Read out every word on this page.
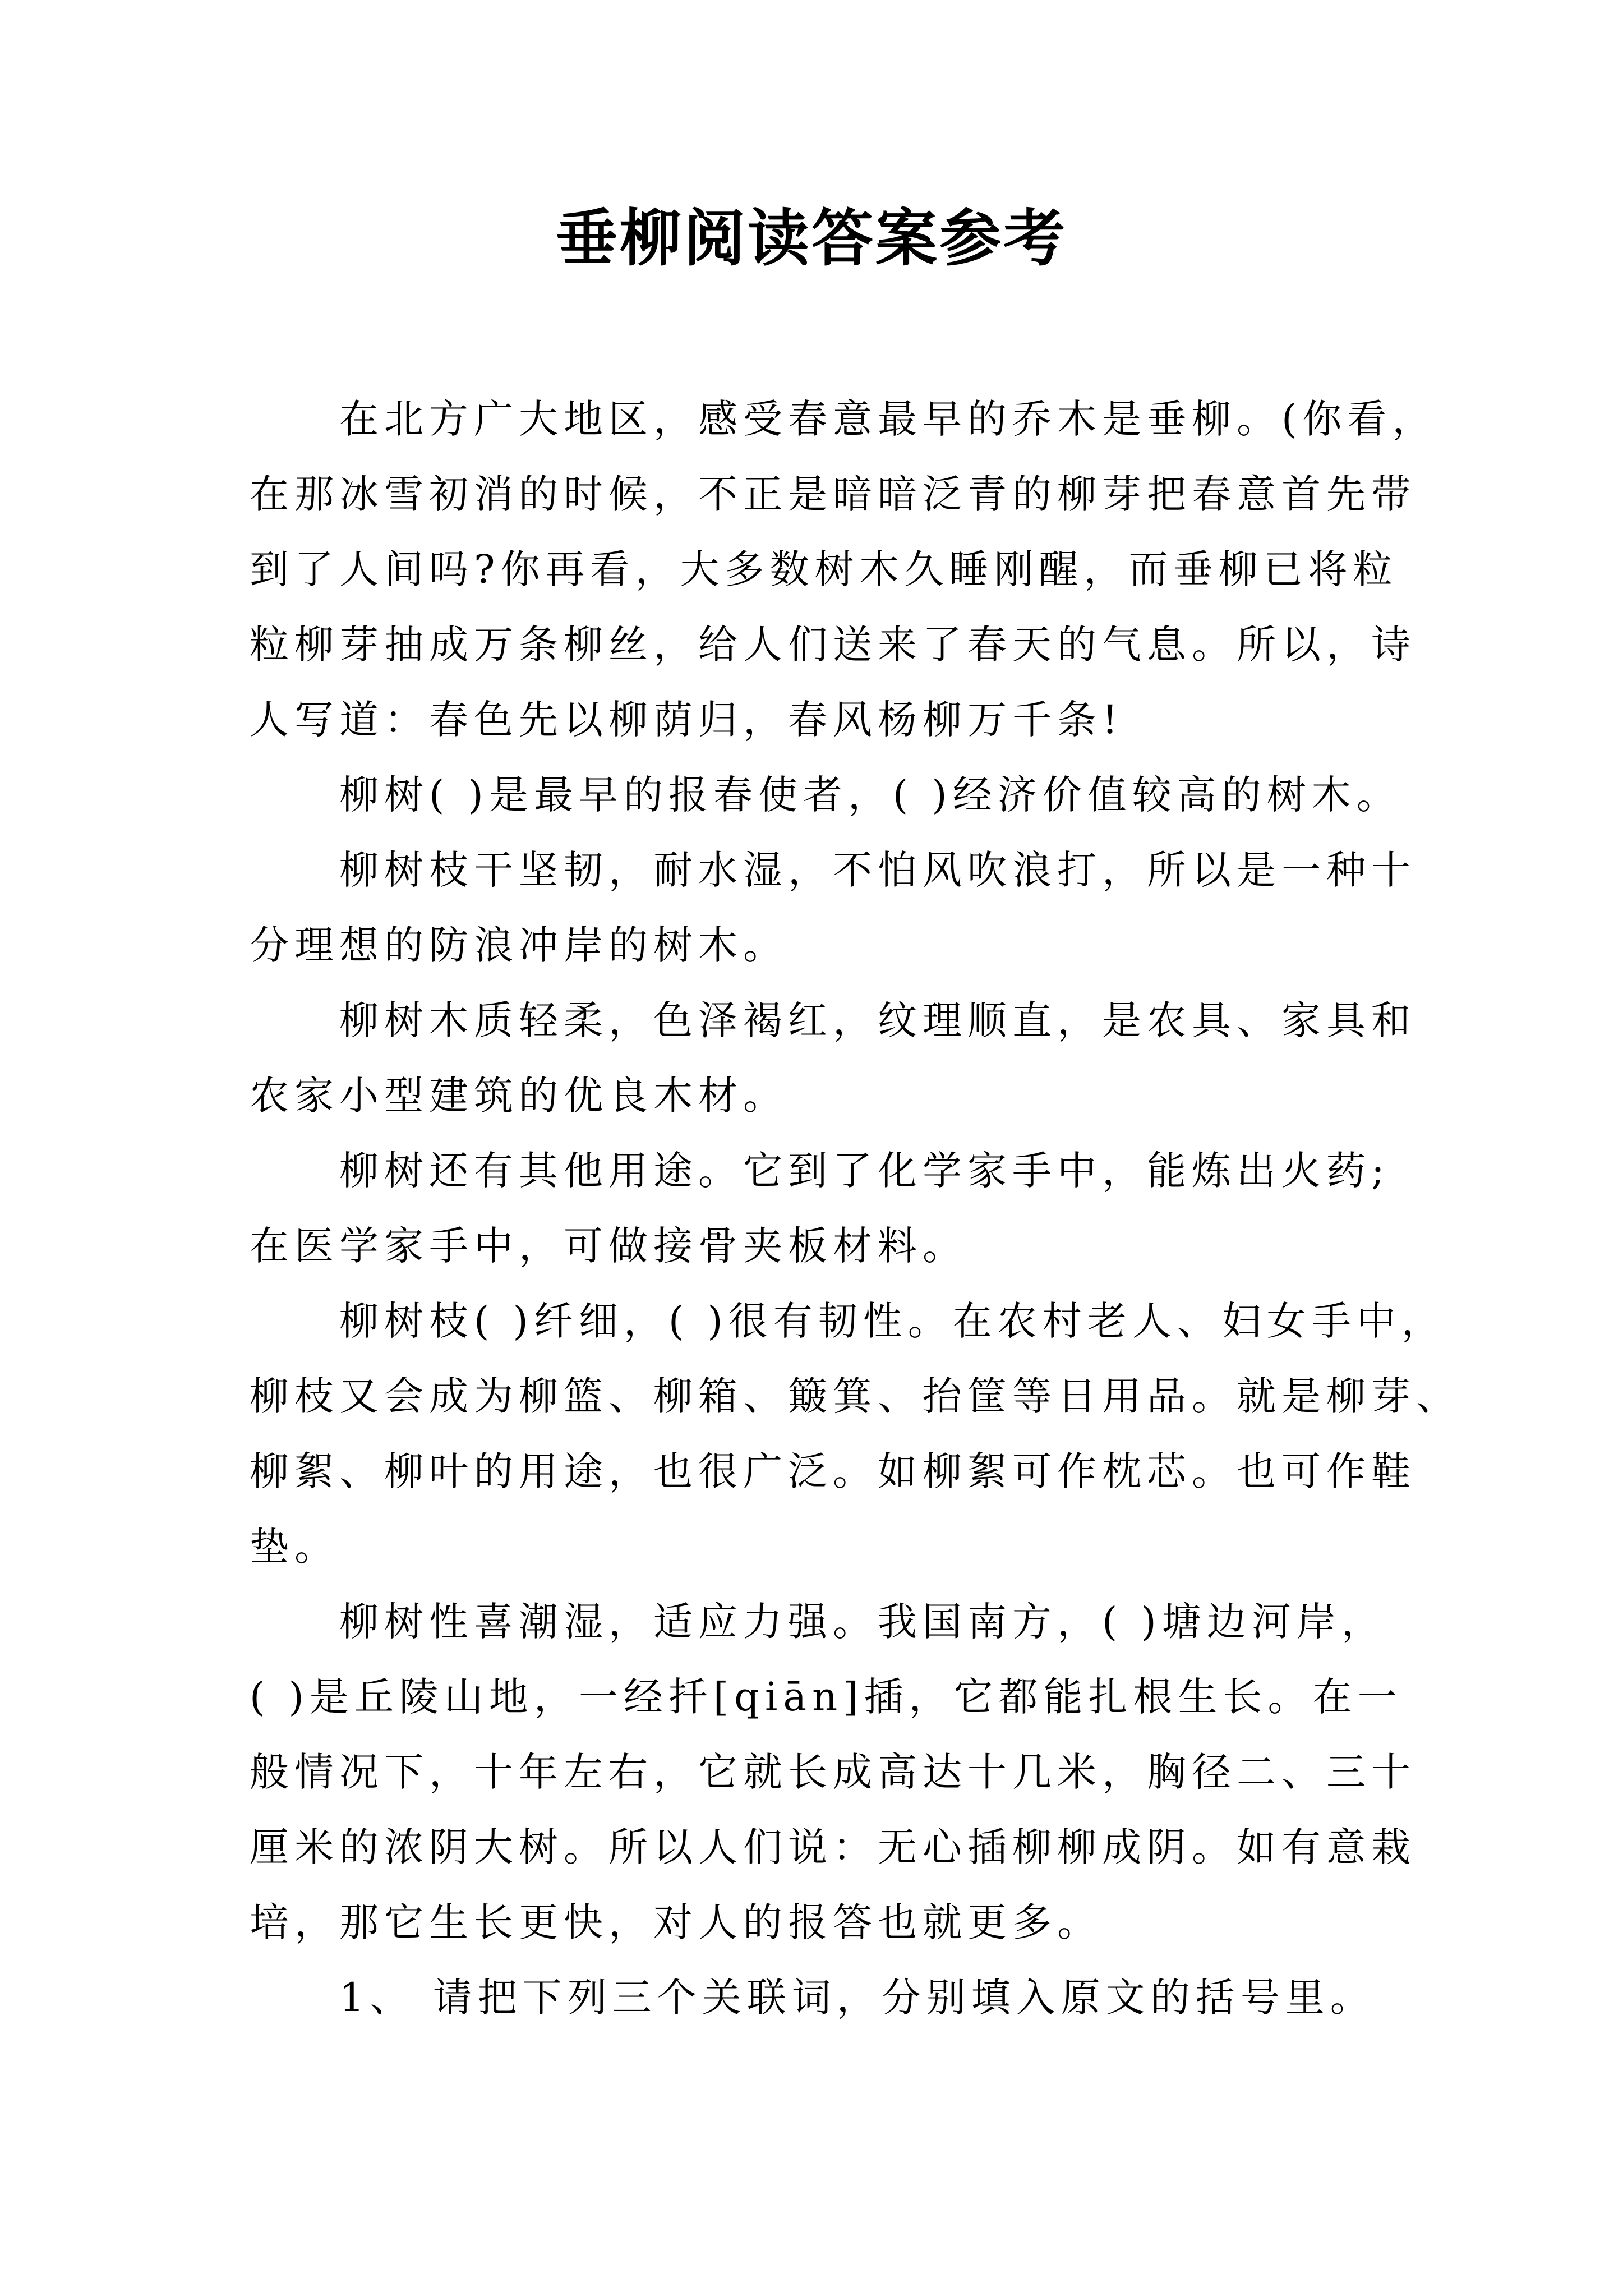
垂柳阅读答案参考
在北方广大地区，感受春意最早的乔木是垂柳。(你看，
在那冰雪初消的时候，不正是暗暗泛青的柳芽把春意首先带
到了人间吗?你再看，大多数树木久睡刚醒，而垂柳已将粒
粒柳芽抽成万条柳丝，给人们送来了春天的气息。所以，诗
人写道：春色先以柳荫归，春风杨柳万千条!
柳树( )是最早的报春使者，( )经济价值较高的树木。
柳树枝干坚韧，耐水湿，不怕风吹浪打，所以是一种十
分理想的防浪冲岸的树木。
柳树木质轻柔，色泽褐红，纹理顺直，是农具、家具和
农家小型建筑的优良木材。
柳树还有其他用途。它到了化学家手中，能炼出火药;
在医学家手中，可做接骨夹板材料。
柳树枝( )纤细，( )很有韧性。在农村老人、妇女手中，
柳枝又会成为柳篮、柳箱、簸箕、抬筐等日用品。就是柳芽、
柳絮、柳叶的用途，也很广泛。如柳絮可作枕芯。也可作鞋
垫。
柳树性喜潮湿，适应力强。我国南方，( )塘边河岸，
( )是丘陵山地，一经扦[qiān]插，它都能扎根生长。在一
般情况下，十年左右，它就长成高达十几米，胸径二、三十
厘米的浓阴大树。所以人们说：无心插柳柳成阴。如有意栽
培，那它生长更快，对人的报答也就更多。
1、 请把下列三个关联词，分别填入原文的括号里。
